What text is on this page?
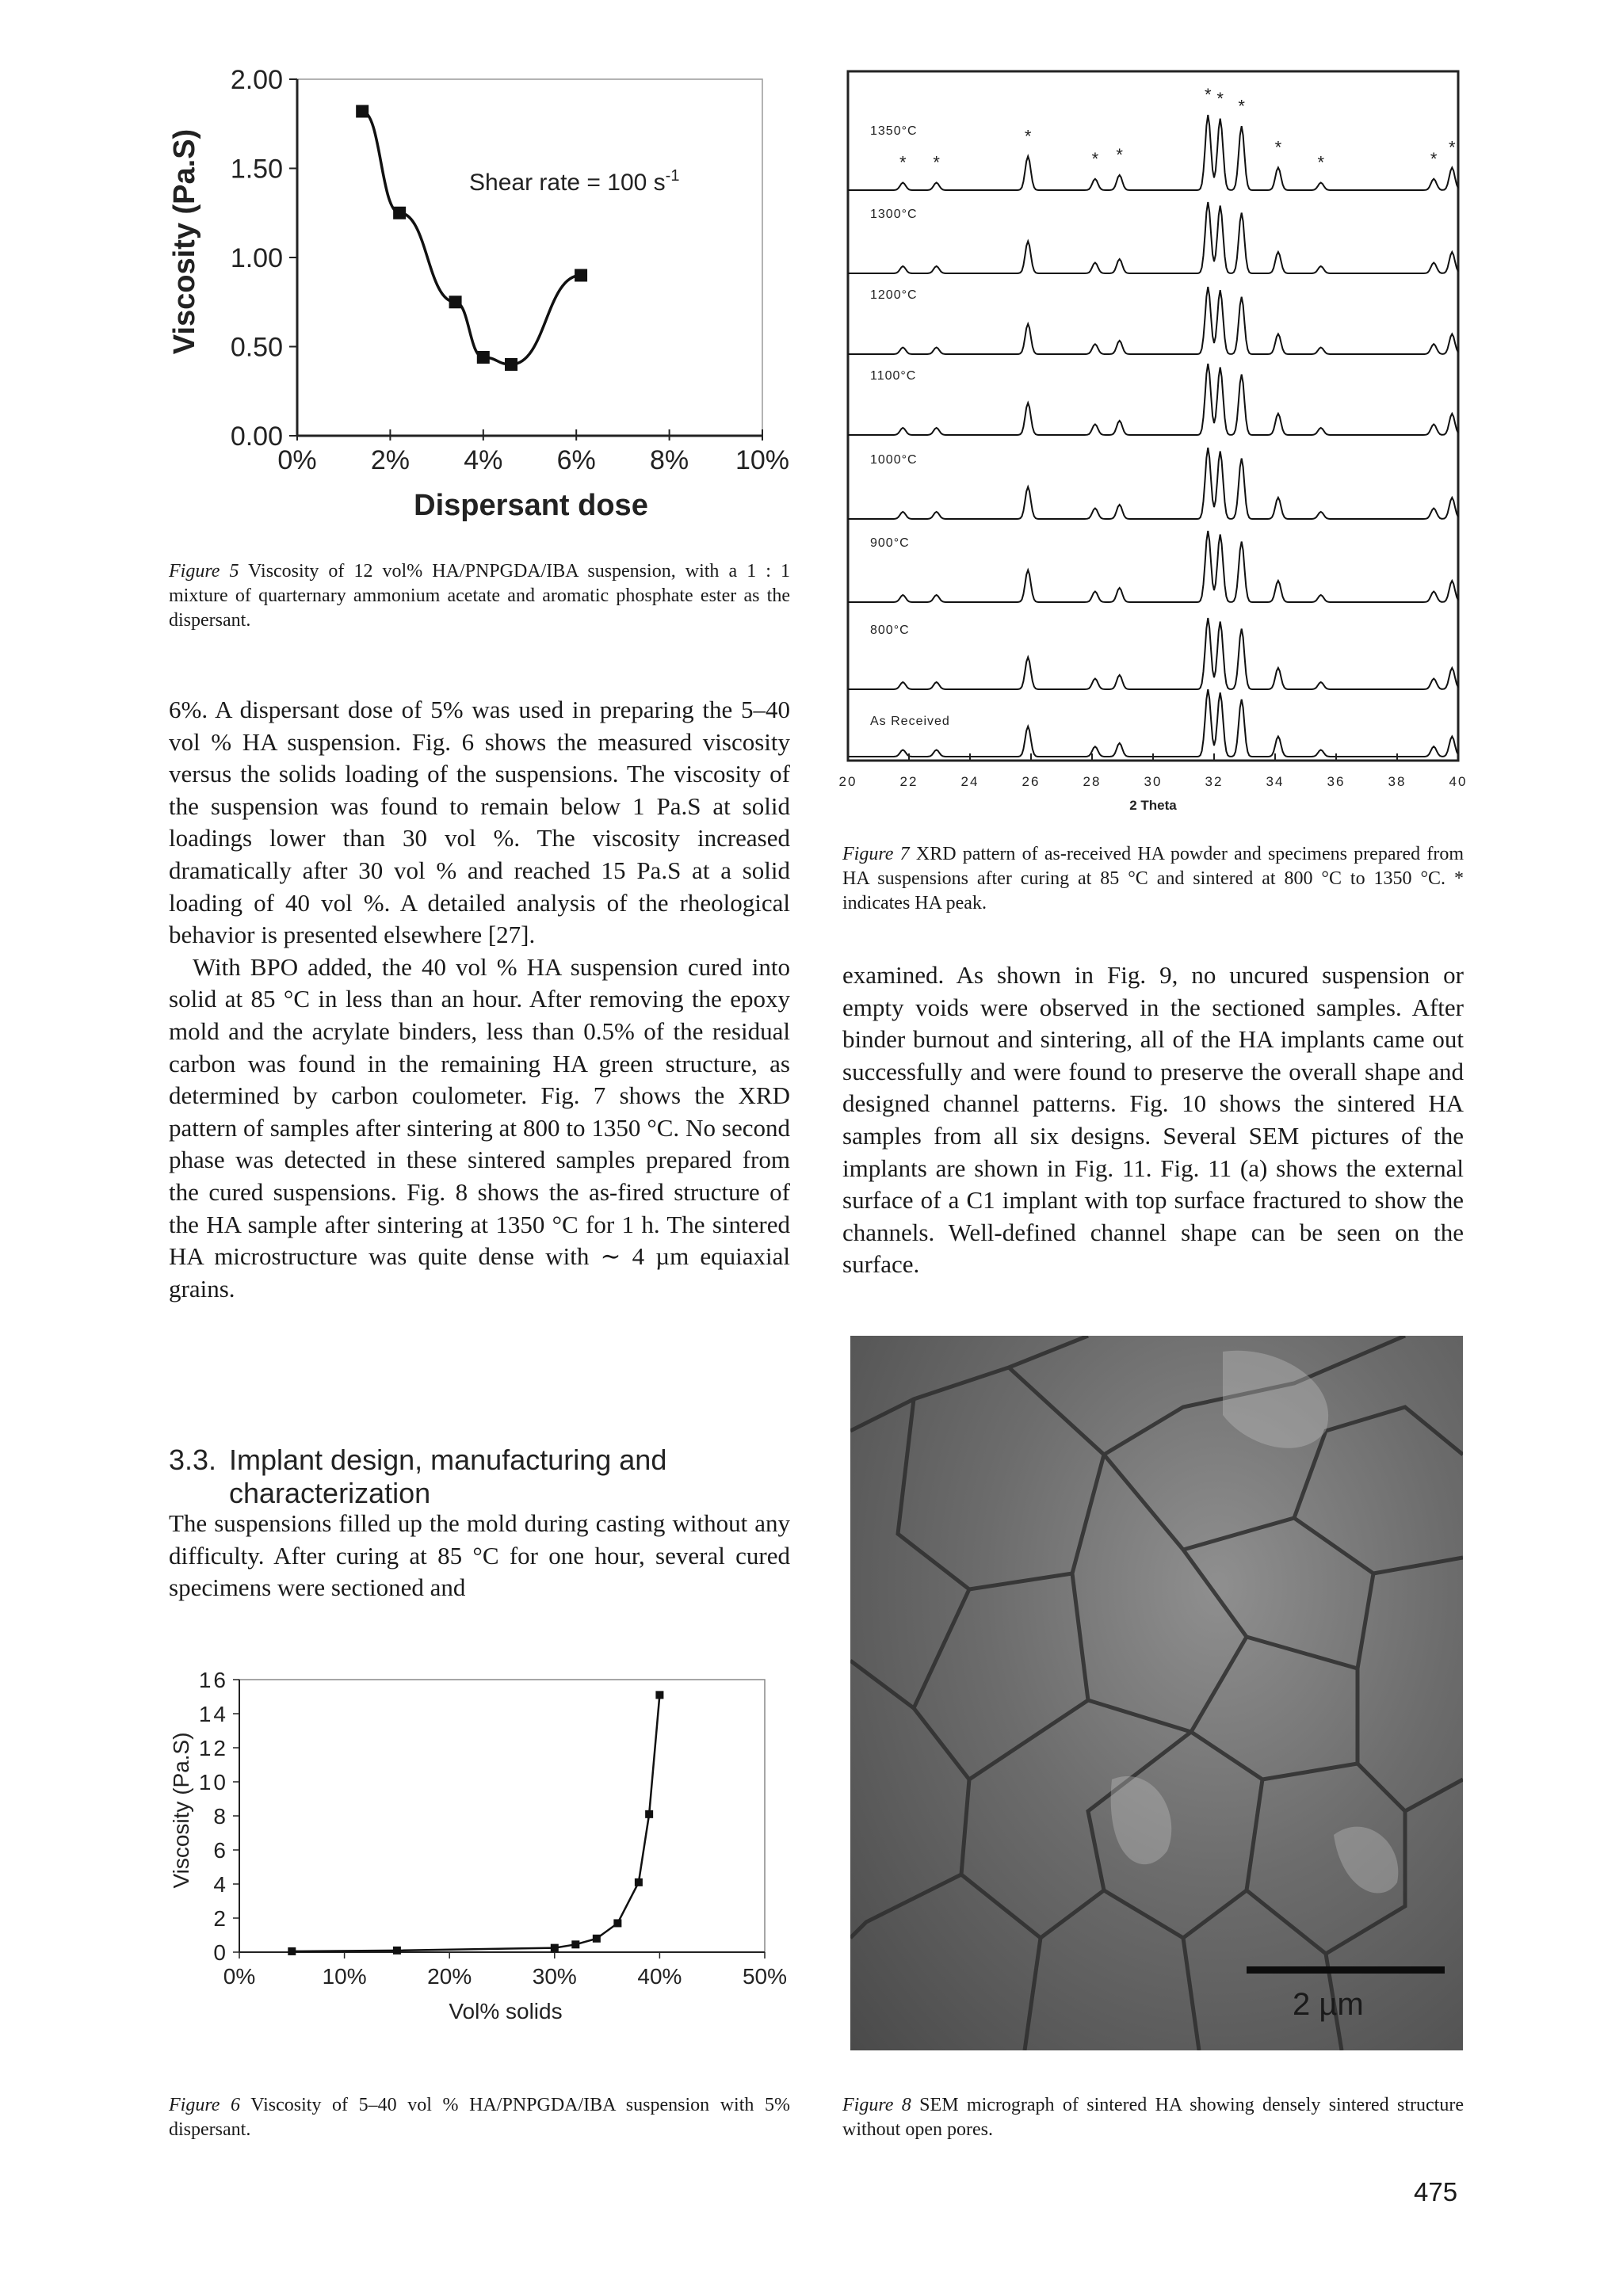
0.00
0.50
1.00
1.50
2.00
0% 2% 4% 6% 8% 10%
Shear rate = 100 $s^{-1}$
Dispersant dose
Viscosity (Pa.S)
Figure 5 Viscosity of 12 vol% HA/PNPGDA/IBA suspension, with a 1 : 1 mixture of quarternary ammonium acetate and aromatic phosphate ester as the dispersant.

6%. A dispersant dose of 5% was used in preparing the 5–40 vol % HA suspension. Fig. 6 shows the measured viscosity versus the solids loading of the suspensions. The viscosity of the suspension was found to remain below 1 Pa.S at solid loadings lower than 30 vol %. The viscosity increased dramatically after 30 vol % and reached 15 Pa.S at a solid loading of 40 vol %. A detailed analysis of the rheological behavior is presented elsewhere [27].

With BPO added, the 40 vol % HA suspension cured into solid at 85 °C in less than an hour. After removing the epoxy mold and the acrylate binders, less than 0.5% of the residual carbon was found in the remaining HA green structure, as determined by carbon coulometer. Fig. 7 shows the XRD pattern of samples after sintering at 800 to 1350 °C. No second phase was detected in these sintered samples prepared from the cured suspensions. Fig. 8 shows the as-fired structure of the HA sample after sintering at 1350 °C for 1 h. The sintered HA microstructure was quite dense with ∼ 4 µm equiaxial grains.

3.3. Implant design, manufacturing and
characterization

The suspensions filled up the mold during casting without any difficulty. After curing at 85 °C for one hour, several cured specimens were sectioned and

0
2
4
6
8
10
12
14
16
0%	10%	20%	30%	40%	50%
Vol% solids
Viscosity (Pa.S)
Figure 6 Viscosity of 5–40 vol % HA/PNPGDA/IBA suspension with 5% dispersant.
1350°C
1300°C
1200°C
1100°C
1000°C
900°C
800°C
As Received
* *
*
* *
* * *
*
*	*
*
20	22	24	26	28	30	32	34	36	38	40
2 Theta
Figure 7 XRD pattern of as-received HA powder and specimens prepared from HA suspensions after curing at 85 °C and sintered at 800 °C to 1350 °C. * indicates HA peak.

examined. As shown in Fig. 9, no uncured suspension or empty voids were observed in the sectioned samples. After binder burnout and sintering, all of the HA implants came out successfully and were found to preserve the overall shape and designed channel patterns. Fig. 10 shows the sintered HA samples from all six designs. Several SEM pictures of the implants are shown in Fig. 11. Fig. 11 (a) shows the external surface of a C1 implant with top surface fractured to show the channels. Well-defined channel shape can be seen on the surface.

2 µm
Figure 8 SEM micrograph of sintered HA showing densely sintered structure without open pores.
475
